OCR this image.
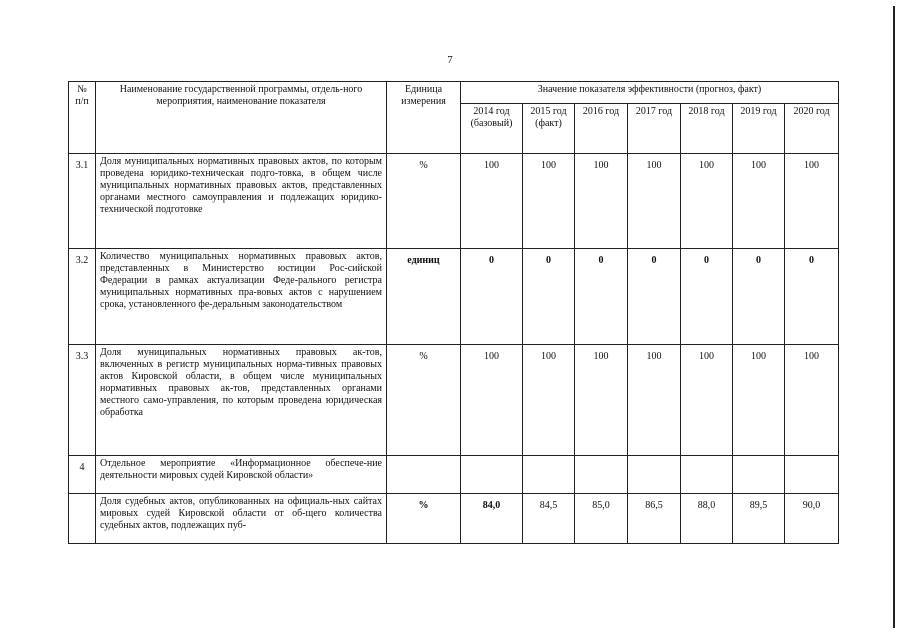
7
№ п/п	Наименование государственной программы, отдель-ного мероприятия, наименование показателя	Единица измерения	Значение показателя эффективности (прогноз, факт)						
			2014 год (базовый)	2015 год (факт)	2016 год	2017 год	2018 год	2019 год	2020 год
3.1	Доля муниципальных нормативных правовых актов, по которым проведена юридико-техническая подго-товка, в общем числе муниципальных нормативных правовых актов, представленных органами местного самоуправления и подлежащих юридико-технической подготовке	%	100	100	100	100	100	100	100
3.2	Количество муниципальных нормативных правовых актов, представленных в Министерство юстиции Рос-сийской Федерации в рамках актуализации Феде-рального регистра муниципальных нормативных пра-вовых актов с нарушением срока, установленного фе-деральным законодательством	единиц	0	0	0	0	0	0	0
3.3	Доля муниципальных нормативных правовых ак-тов, включенных в регистр муниципальных норма-тивных правовых актов Кировской области, в общем числе муниципальных нормативных правовых ак-тов, представленных органами местного само-управления, по которым проведена юридическая обработка	%	100	100	100	100	100	100	100
4	Отдельное мероприятие «Информационное обеспече-ние деятельности мировых судей Кировской области»								
	Доля судебных актов, опубликованных на официаль-ных сайтах мировых судей Кировской области от об-щего количества судебных актов, подлежащих пуб-	%	84,0	84,5	85,0	86,5	88,0	89,5	90,0
